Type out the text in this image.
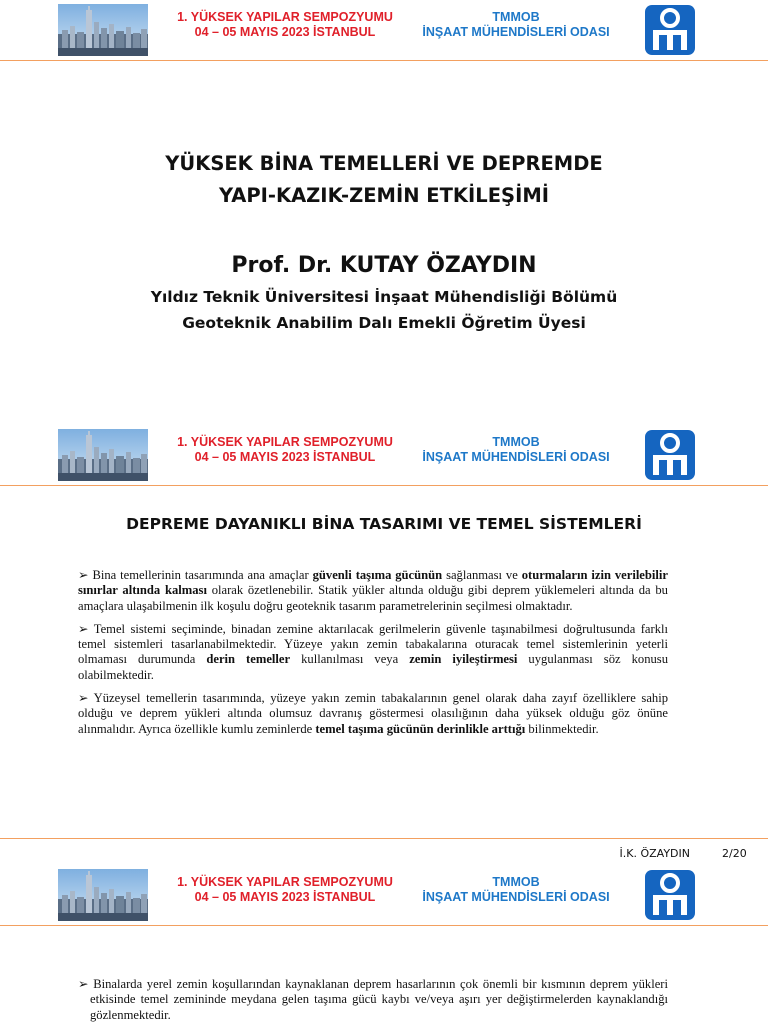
1. YÜKSEK YAPILAR SEMPOZYUMU
04 – 05 MAYIS 2023 İSTANBUL
TMMOB
İNŞAAT MÜHENDİSLERİ ODASI
YÜKSEK BİNA TEMELLERİ VE DEPREMDE
YAPI-KAZIK-ZEMİN ETKİLEŞİMİ
Prof. Dr. KUTAY ÖZAYDIN
Yıldız Teknik Üniversitesi İnşaat Mühendisliği Bölümü
Geoteknik Anabilim Dalı Emekli Öğretim Üyesi
1. YÜKSEK YAPILAR SEMPOZYUMU
04 – 05 MAYIS 2023 İSTANBUL
TMMOB
İNŞAAT MÜHENDİSLERİ ODASI
DEPREME DAYANIKLI BİNA TASARIMI VE TEMEL SİSTEMLERİ

➢ Bina temellerinin tasarımında ana amaçlar güvenli taşıma gücünün sağlanması ve oturmaların izin verilebilir sınırlar altında kalması olarak özetlenebilir. Statik yükler altında olduğu gibi deprem yüklemeleri altında da bu amaçlara ulaşabilmenin ilk koşulu doğru geoteknik tasarım parametrelerinin seçilmesi olmaktadır.

➢ Temel sistemi seçiminde, binadan zemine aktarılacak gerilmelerin güvenle taşınabilmesi doğrultusunda farklı temel sistemleri tasarlanabilmektedir. Yüzeye yakın zemin tabakalarına oturacak temel sistemlerinin yeterli olmaması durumunda derin temeller kullanılması veya zemin iyileştirmesi uygulanması söz konusu olabilmektedir.

➢ Yüzeysel temellerin tasarımında, yüzeye yakın zemin tabakalarının genel olarak daha zayıf özelliklere sahip olduğu ve deprem yükleri altında olumsuz davranış göstermesi olasılığının daha yüksek olduğu göz önüne alınmalıdır. Ayrıca özellikle kumlu zeminlerde temel taşıma gücünün derinlikle arttığı bilinmektedir.

İ.K. ÖZAYDIN	2/20
1. YÜKSEK YAPILAR SEMPOZYUMU
04 – 05 MAYIS 2023 İSTANBUL
TMMOB
İNŞAAT MÜHENDİSLERİ ODASI

➢ Binalarda yerel zemin koşullarından kaynaklanan deprem hasarlarının çok önemli bir kısmının deprem yükleri etkisinde temel zemininde meydana gelen taşıma gücü kaybı ve/veya aşırı yer değiştirmelerden kaynaklandığı gözlenmektedir.
